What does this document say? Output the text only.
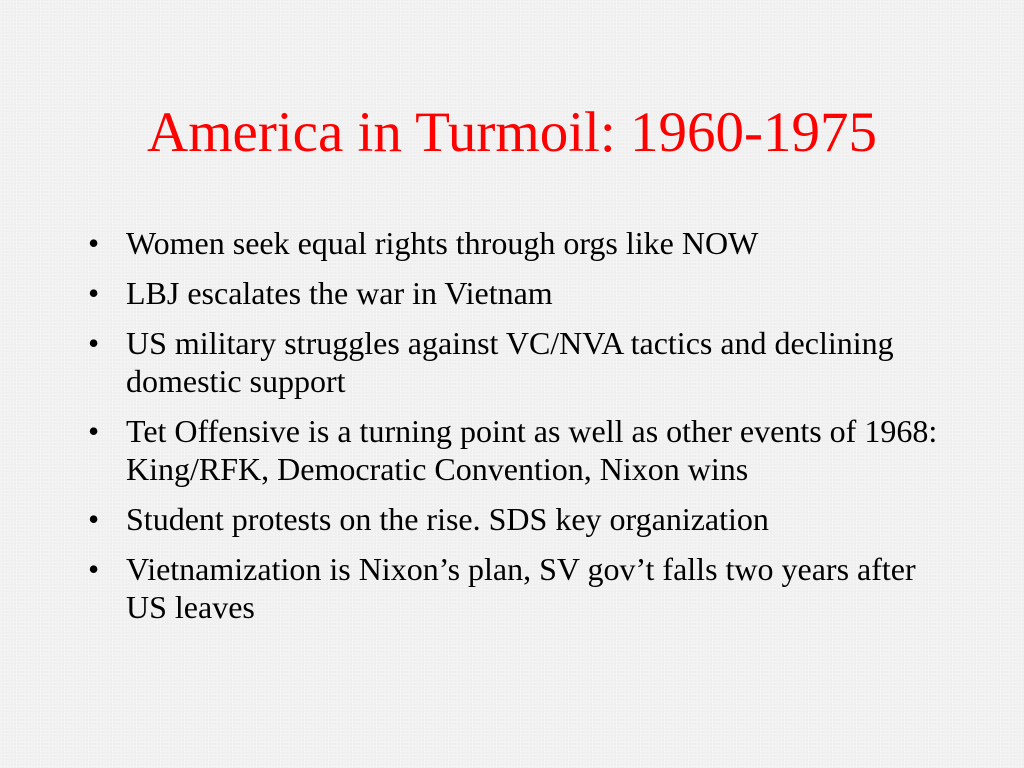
America in Turmoil: 1960-1975
• Women seek equal rights through orgs like NOW
• LBJ escalates the war in Vietnam
• US military struggles against VC/NVA tactics and declining domestic support
• Tet Offensive is a turning point as well as other events of 1968: King/RFK, Democratic Convention, Nixon wins
• Student protests on the rise. SDS key organization
• Vietnamization is Nixon’s plan, SV gov’t falls two years after US leaves
